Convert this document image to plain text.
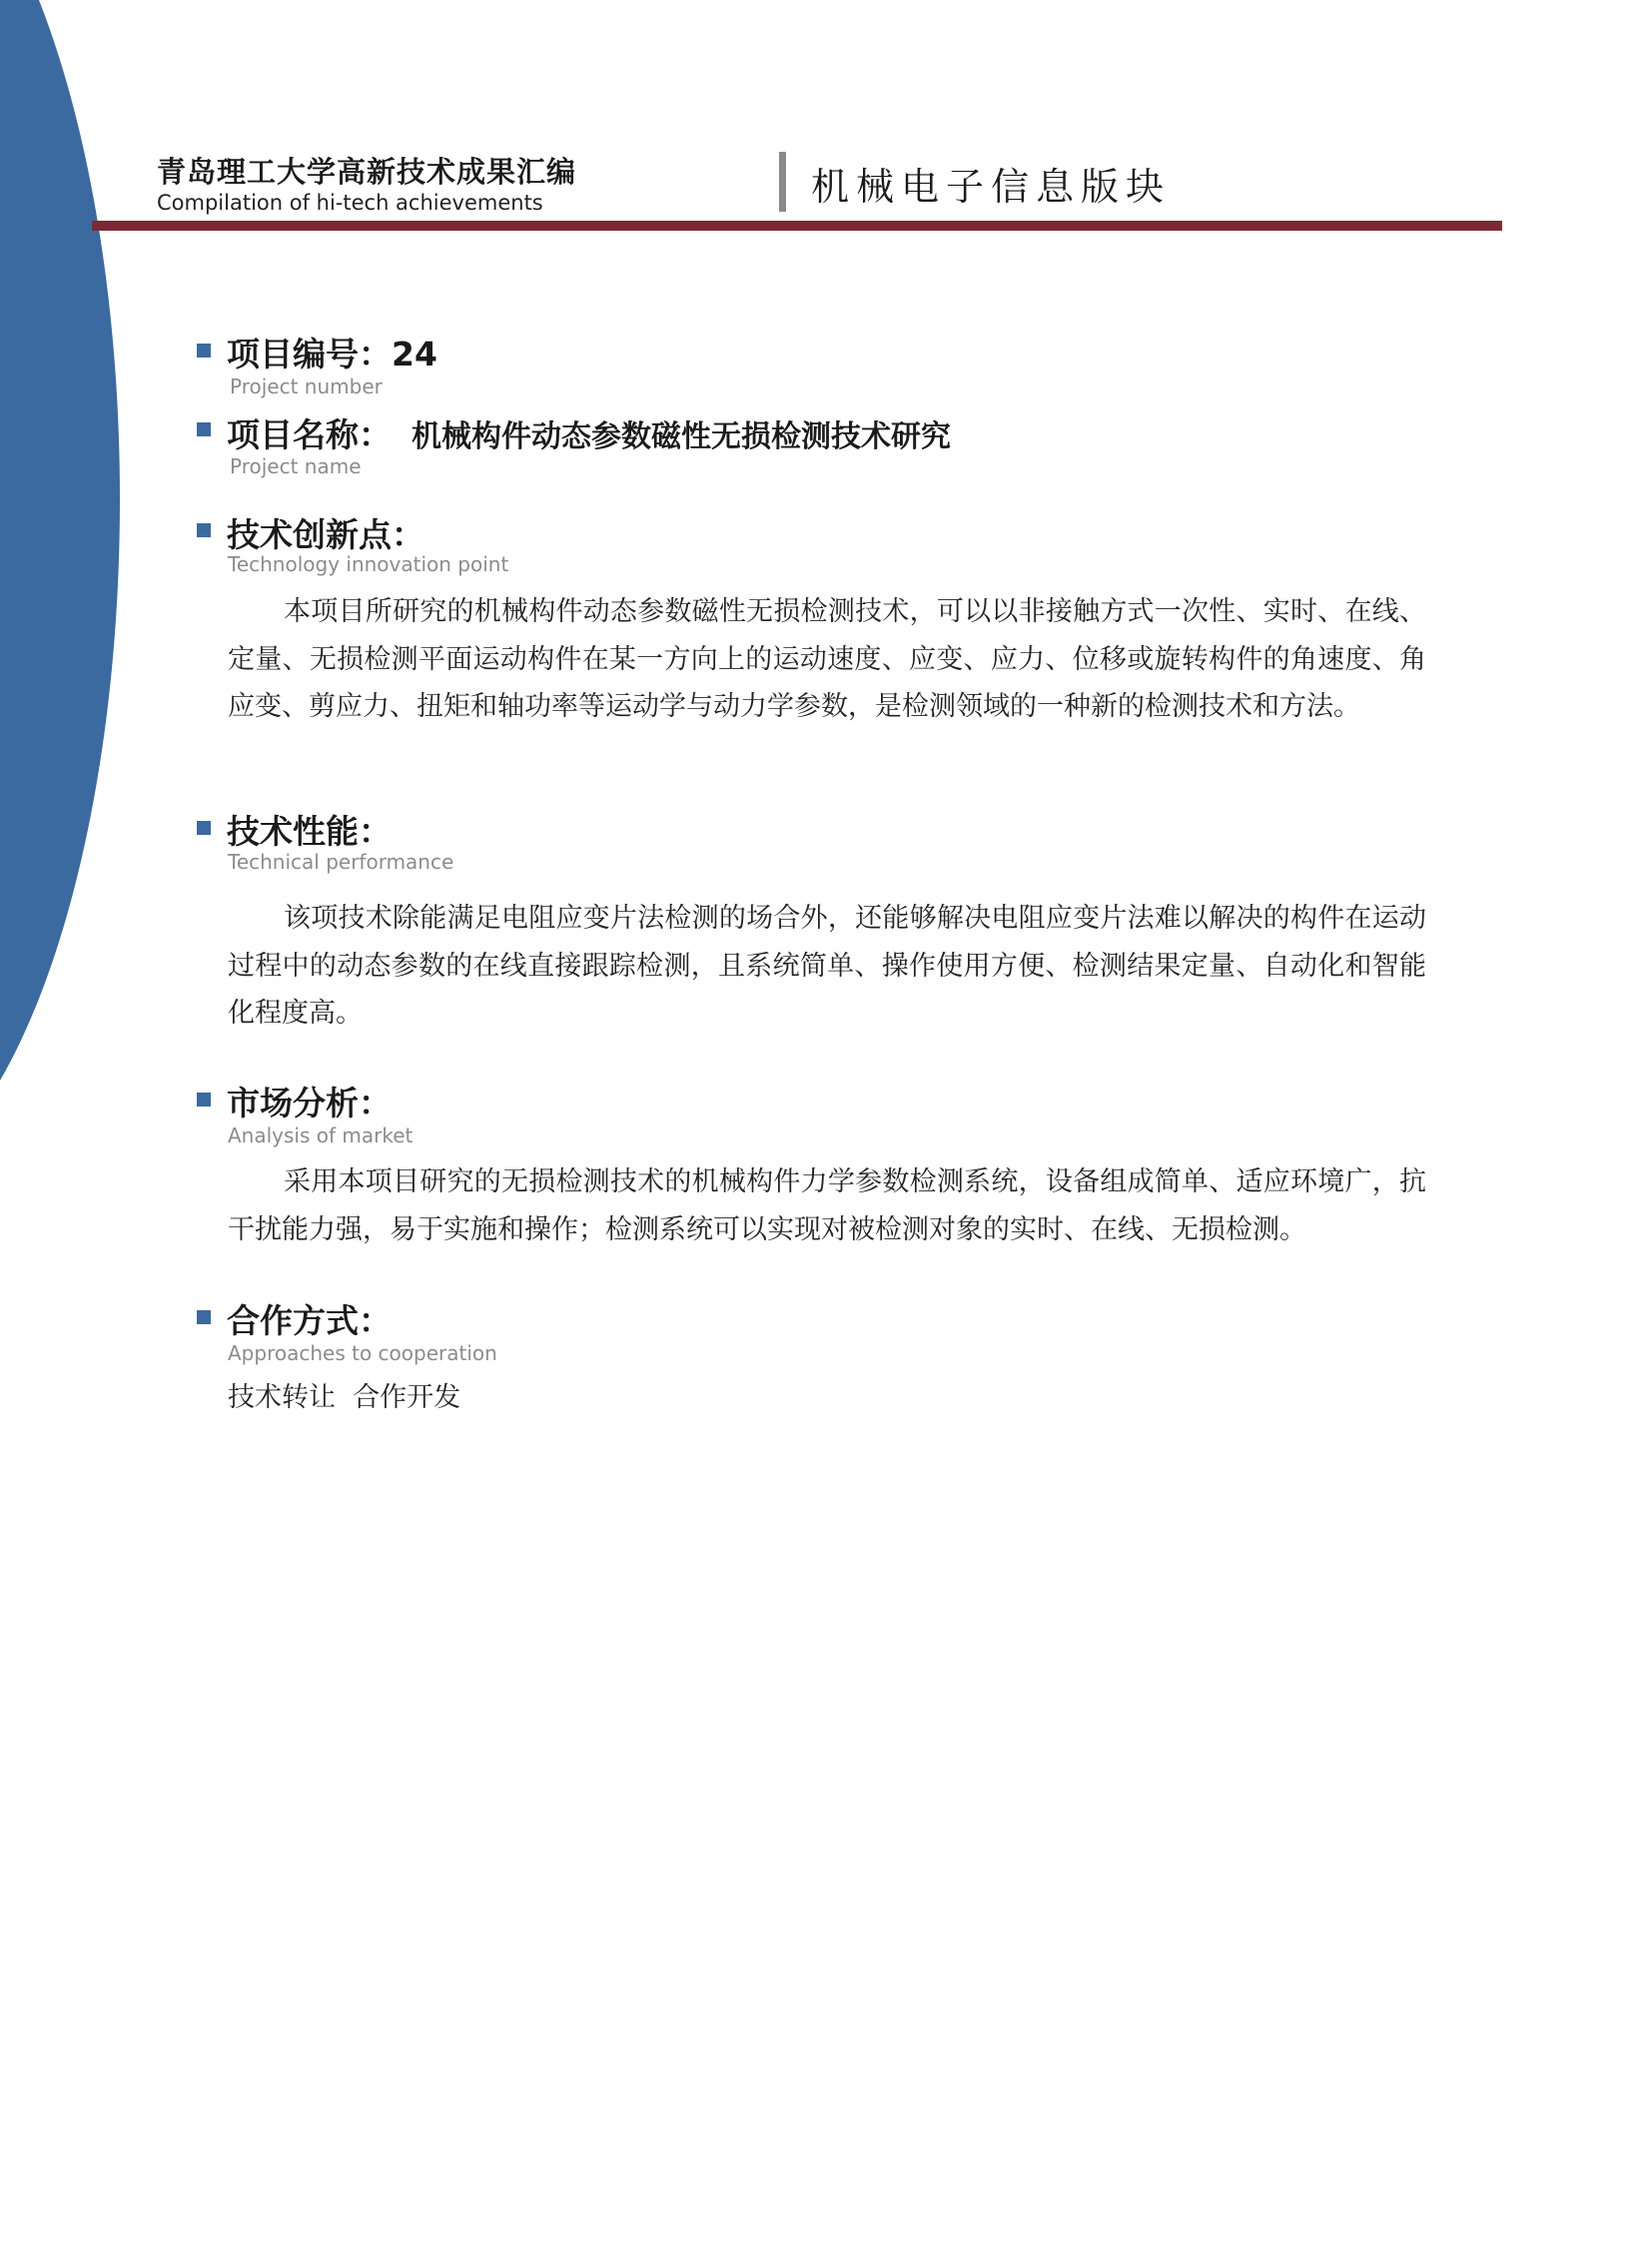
青岛理工大学高新技术成果汇编
Compilation of hi-tech achievements	机械电子信息版块
项目编号：24
Project number
项目名称： 机械构件动态参数磁性无损检测技术研究
Project name
技术创新点：
Technology innovation point
本项目所研究的机械构件动态参数磁性无损检测技术，可以以非接触方式一次性、实时、在线、定量、无损检测平面运动构件在某一方向上的运动速度、应变、应力、位移或旋转构件的角速度、角应变、剪应力、扭矩和轴功率等运动学与动力学参数，是检测领域的一种新的检测技术和方法。
技术性能：
Technical performance
该项技术除能满足电阻应变片法检测的场合外，还能够解决电阻应变片法难以解决的构件在运动过程中的动态参数的在线直接跟踪检测，且系统简单、操作使用方便、检测结果定量、自动化和智能化程度高。
市场分析：
Analysis of market
采用本项目研究的无损检测技术的机械构件力学参数检测系统，设备组成简单、适应环境广，抗干扰能力强，易于实施和操作；检测系统可以实现对被检测对象的实时、在线、无损检测。
合作方式：
Approaches to cooperation
技术转让  合作开发
